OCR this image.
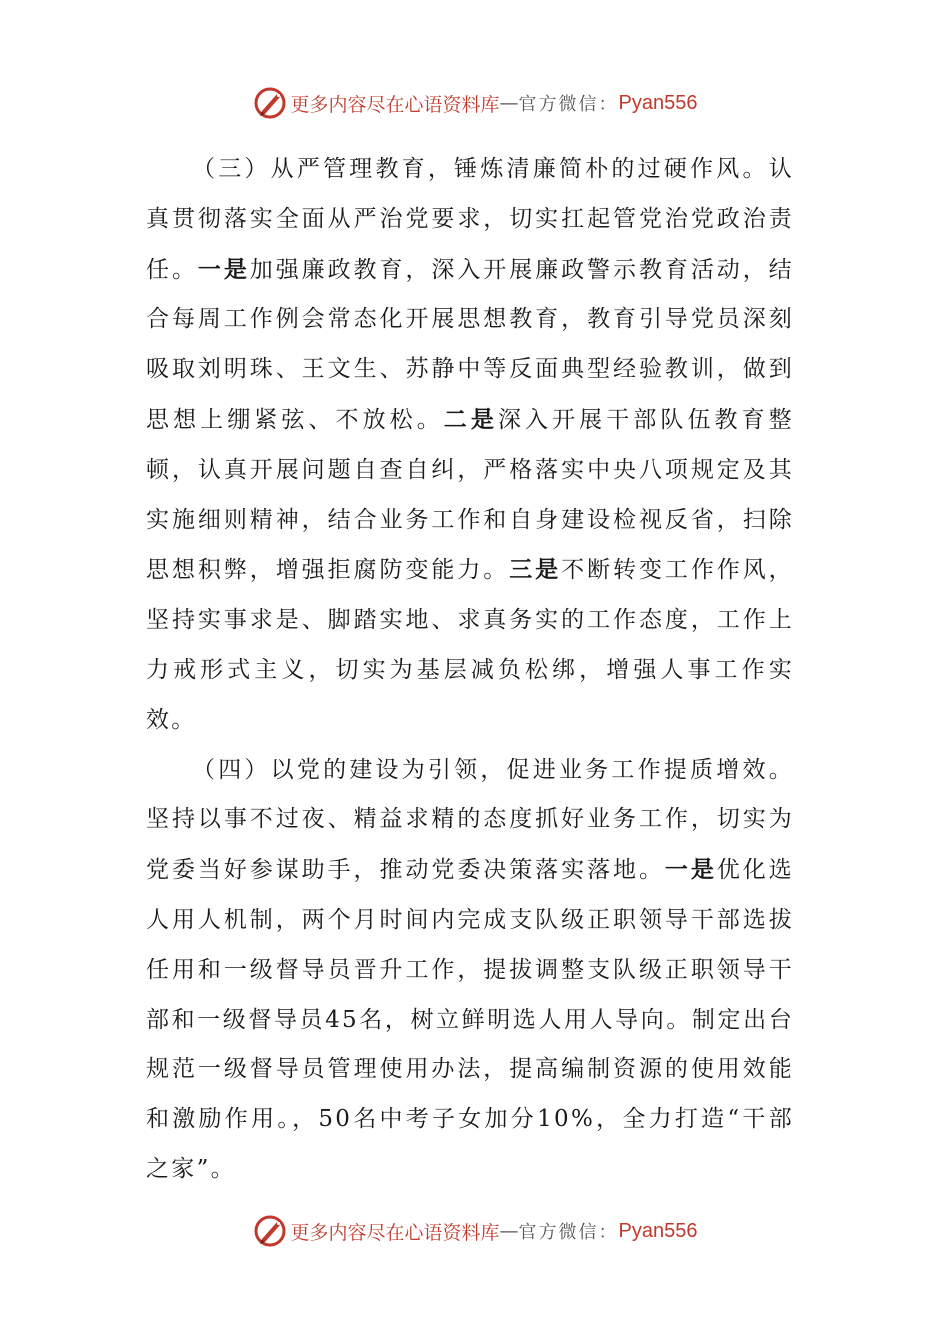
更多内容尽在心语资料库 — 官方微信： Pyan556

（三）从严管理教育，锤炼清廉简朴的过硬作风。认真贯彻落实全面从严治党要求，切实扛起管党治党政治责任。一是加强廉政教育，深入开展廉政警示教育活动，结合每周工作例会常态化开展思想教育，教育引导党员深刻吸取刘明珠、王文生、苏静中等反面典型经验教训，做到思想上绷紧弦、不放松。二是深入开展干部队伍教育整顿，认真开展问题自查自纠，严格落实中央八项规定及其实施细则精神，结合业务工作和自身建设检视反省，扫除思想积弊，增强拒腐防变能力。三是不断转变工作作风，坚持实事求是、脚踏实地、求真务实的工作态度，工作上力戒形式主义，切实为基层减负松绑，增强人事工作实效。

（四）以党的建设为引领，促进业务工作提质增效。坚持以事不过夜、精益求精的态度抓好业务工作，切实为党委当好参谋助手，推动党委决策落实落地。一是优化选人用人机制，两个月时间内完成支队级正职领导干部选拔任用和一级督导员晋升工作，提拔调整支队级正职领导干部和一级督导员45名，树立鲜明选人用人导向。制定出台规范一级督导员管理使用办法，提高编制资源的使用效能和激励作用。，50名中考子女加分10%，全力打造“干部之家”。

更多内容尽在心语资料库 — 官方微信： Pyan556
